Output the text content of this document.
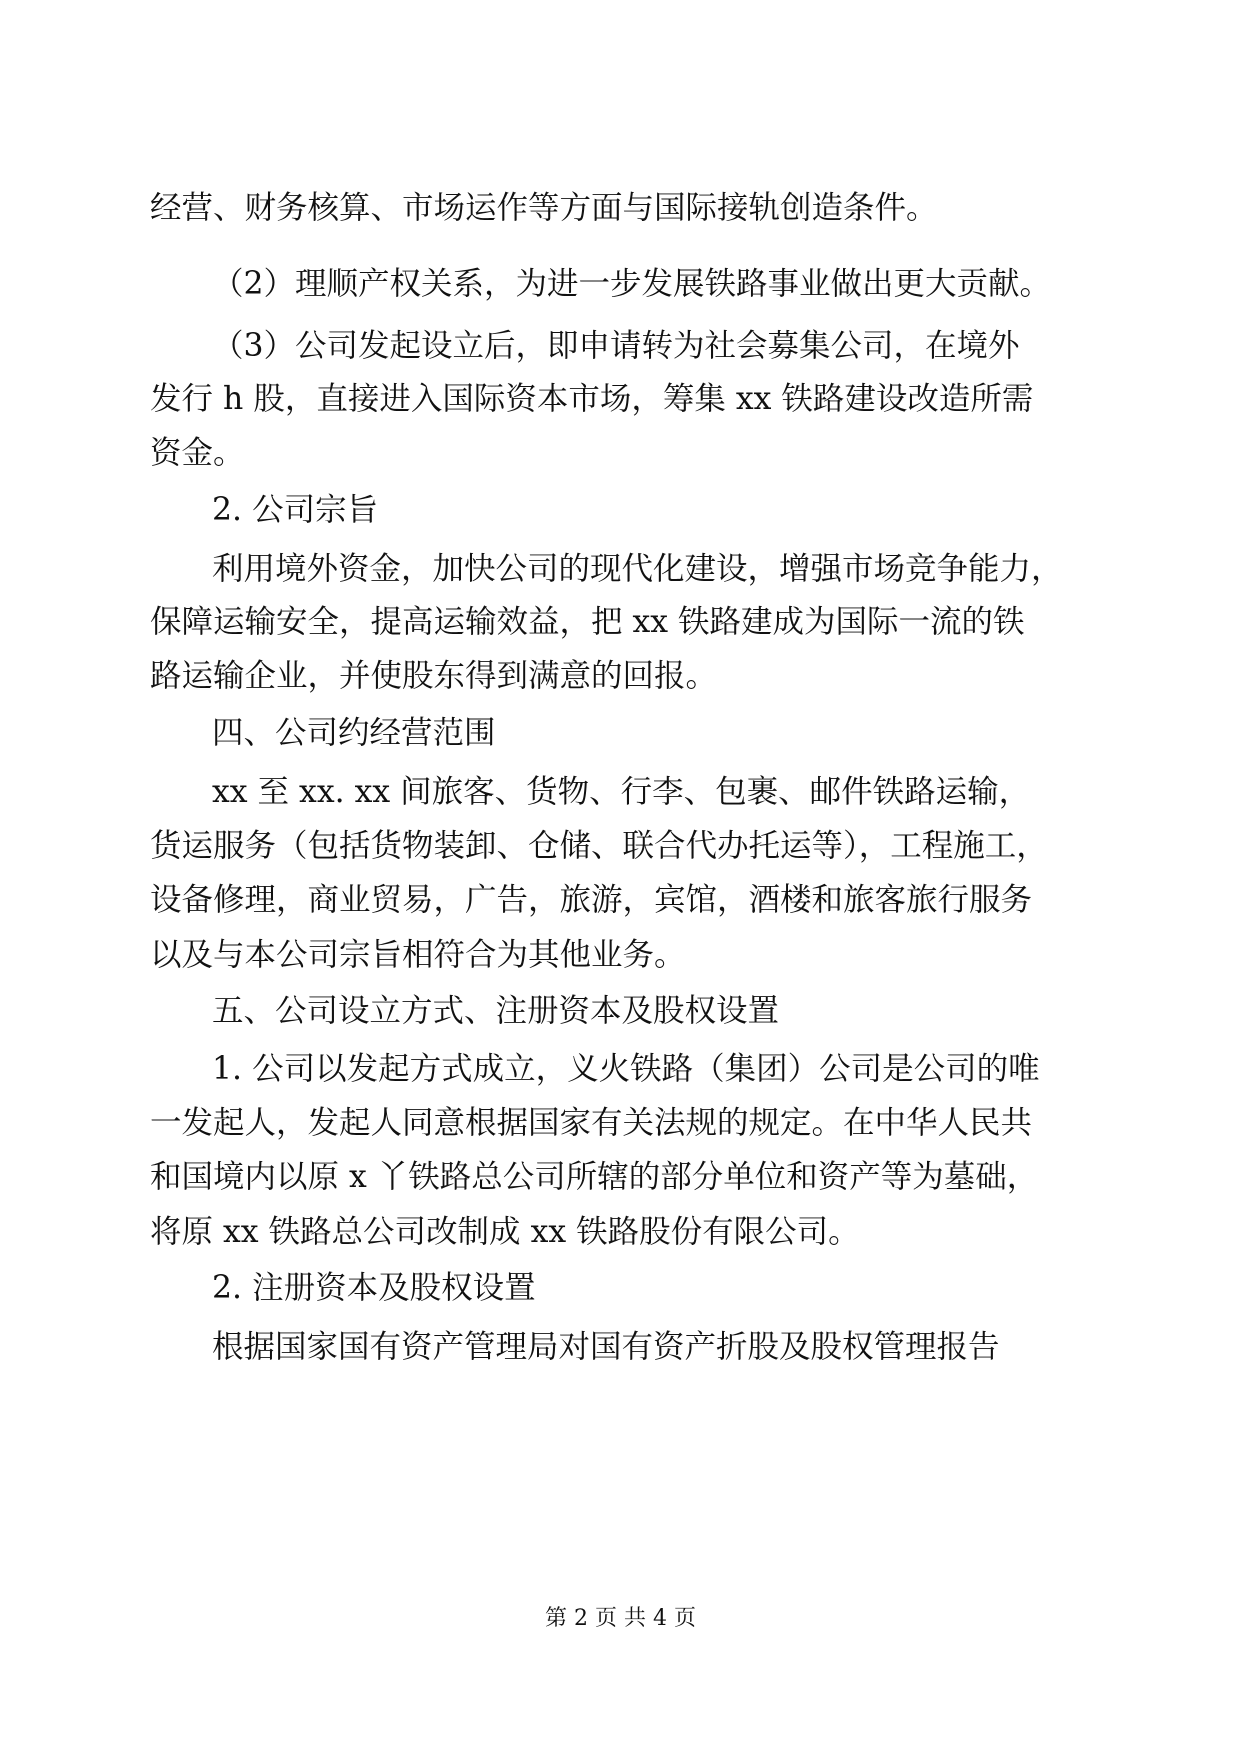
经营、财务核算、市场运作等方面与国际接轨创造条件。
（2）理顺产权关系，为进一步发展铁路事业做出更大贡献。
（3）公司发起设立后，即申请转为社会募集公司，在境外
发行 h 股，直接进入国际资本市场，筹集 xx 铁路建设改造所需
资金。
2. 公司宗旨
利用境外资金，加快公司的现代化建设，增强市场竞争能力，
保障运输安全，提高运输效益，把 xx 铁路建成为国际一流的铁
路运输企业，并使股东得到满意的回报。
四、公司约经营范围
xx 至 xx. xx 间旅客、货物、行李、包裹、邮件铁路运输，
货运服务（包括货物装卸、仓储、联合代办托运等），工程施工，
设备修理，商业贸易，广告，旅游，宾馆，酒楼和旅客旅行服务
以及与本公司宗旨相符合为其他业务。
五、公司设立方式、注册资本及股权设置
1. 公司以发起方式成立，义火铁路（集团）公司是公司的唯
一发起人，发起人同意根据国家有关法规的规定。在中华人民共
和国境内以原 x 丫铁路总公司所辖的部分单位和资产等为墓础，
将原 xx 铁路总公司改制成 xx 铁路股份有限公司。
2. 注册资本及股权设置
根据国家国有资产管理局对国有资产折股及股权管理报告
第 2 页 共 4 页
